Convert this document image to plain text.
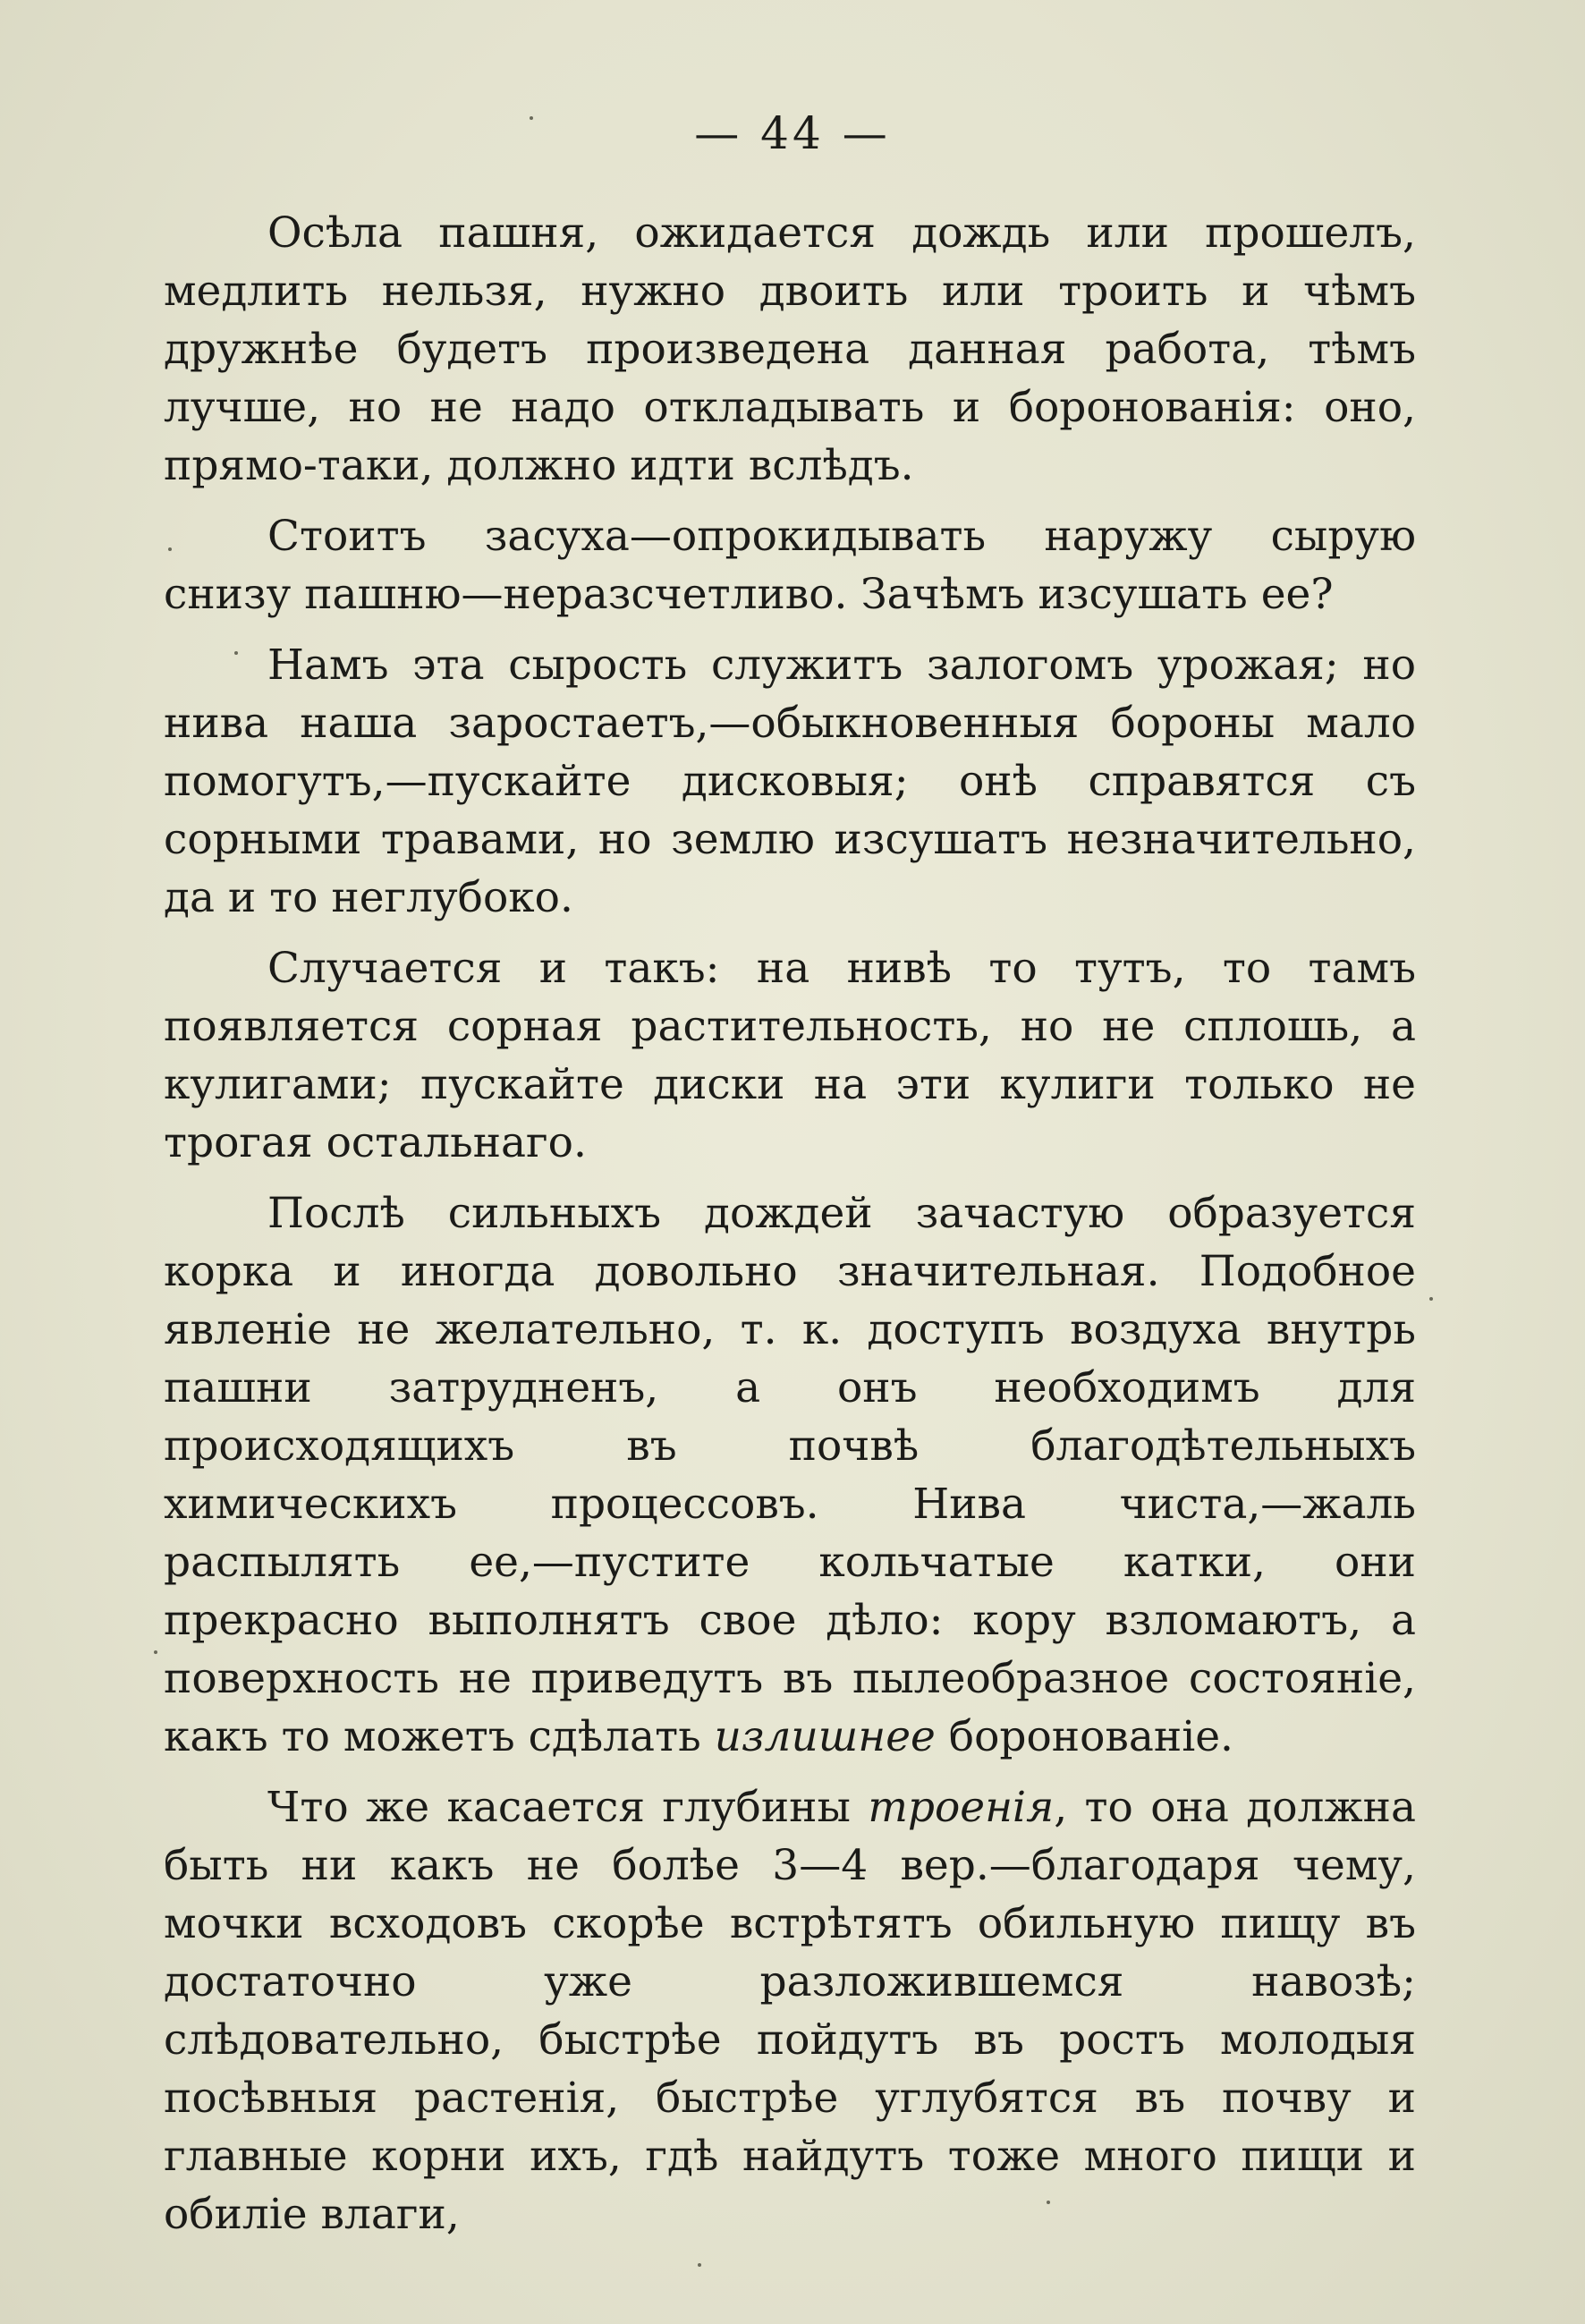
— 44 —

Осѣла пашня, ожидается дождь или прошелъ, медлить нельзя, нужно двоить или троить и чѣмъ дружнѣе будетъ произведена данная работа, тѣмъ лучше, но не надо откладывать и боронованія: оно, прямо-таки, должно идти вслѣдъ.

Стоитъ засуха—опрокидывать наружу сырую снизу пашню—неразсчетливо. Зачѣмъ изсушать ее?

Намъ эта сырость служитъ залогомъ урожая; но нива наша заростаетъ,—обыкновенныя бороны мало помогутъ,—пускайте дисковыя; онѣ справятся съ сорными травами, но землю изсушатъ незначительно, да и то неглубоко.

Случается и такъ: на нивѣ то тутъ, то тамъ появляется сорная растительность, но не сплошь, а кулигами; пускайте диски на эти кулиги только не трогая остальнаго.

Послѣ сильныхъ дождей зачастую образуется корка и иногда довольно значительная. Подобное явленіе не желательно, т. к. доступъ воздуха внутрь пашни затрудненъ, а онъ необходимъ для происходящихъ въ почвѣ благодѣтельныхъ химическихъ процессовъ. Нива чиста,—жаль распылять ее,—пустите кольчатые катки, они прекрасно выполнятъ свое дѣло: кору взломаютъ, а поверхность не приведутъ въ пылеобразное состояніе, какъ то можетъ сдѣлать излишнее боронованіе.

Что же касается глубины троенія, то она должна быть ни какъ не болѣе 3—4 вер.—благодаря чему, мочки всходовъ скорѣе встрѣтятъ обильную пищу въ достаточно уже разложившемся навозѣ; слѣдовательно, быстрѣе пойдутъ въ ростъ молодыя посѣвныя растенія, быстрѣе углубятся въ почву и главные корни ихъ, гдѣ найдутъ тоже много пищи и обиліе влаги,
